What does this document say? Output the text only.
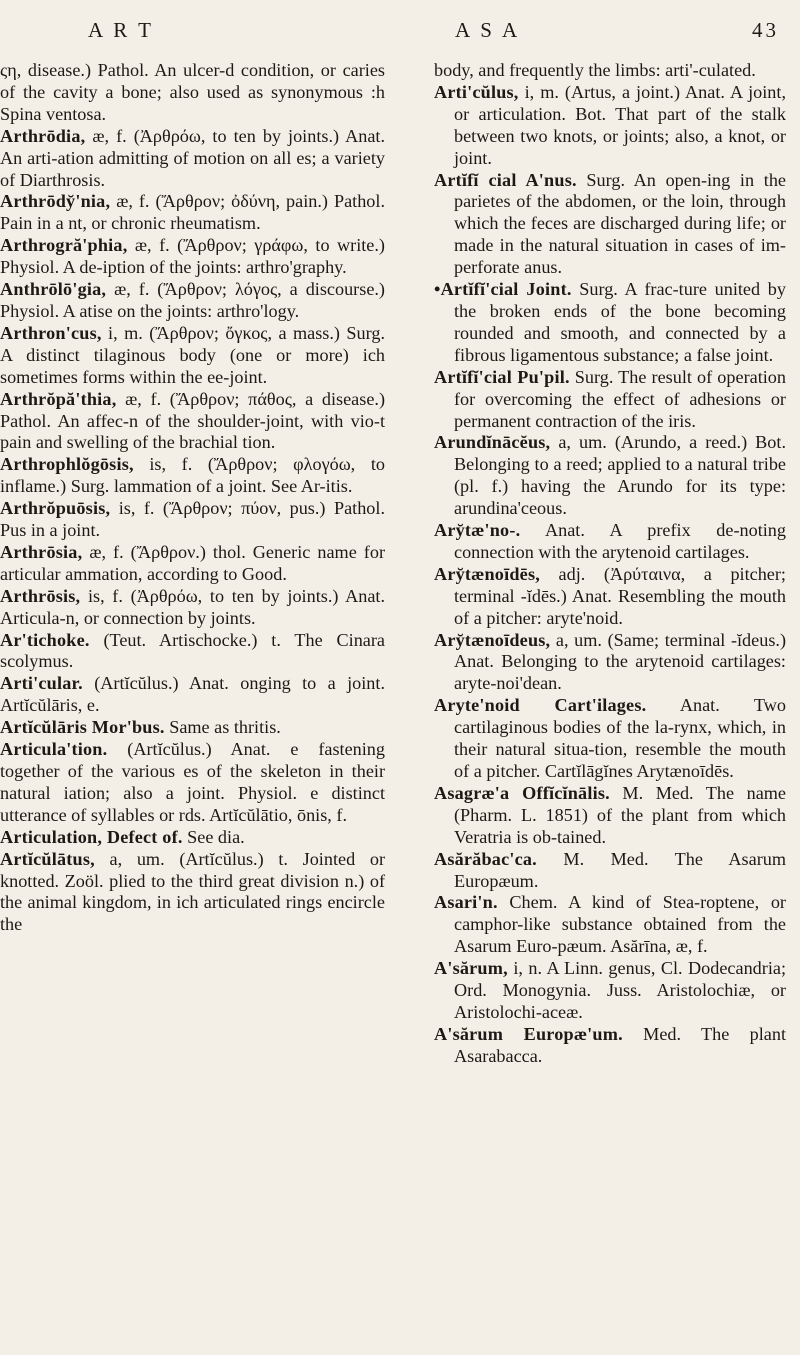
A R T	A S A	43

ςη, disease.) Pathol. An ulcer-d condition, or caries of the cavity a bone; also used as synonymous :h Spina ventosa.

Arthrōdia, æ, f. (Ἀρθρόω, to ten by joints.) Anat. An arti-ation admitting of motion on all es; a variety of Diarthrosis.

Arthrōdy̆'nia, æ, f. (Ἄρθρον; ὀδύνη, pain.) Pathol. Pain in a nt, or chronic rheumatism.

Arthrogră'phia, æ, f. (Ἄρθρον; γράφω, to write.) Physiol. A de-iption of the joints: arthro'graphy.

Anthrōlō'gia, æ, f. (Ἄρθρον; λόγος, a discourse.) Physiol. A atise on the joints: arthro'logy.

Arthron'cus, i, m. (Ἄρθρον; ὄγκος, a mass.) Surg. A distinct tilaginous body (one or more) ich sometimes forms within the ee-joint.

Arthrŏpă'thia, æ, f. (Ἄρθρον; πάθος, a disease.) Pathol. An affec-n of the shoulder-joint, with vio-t pain and swelling of the brachial tion.

Arthrophlŏgōsis, is, f. (Ἄρθρον; φλογόω, to inflame.) Surg. lammation of a joint. See Ar-itis.

Arthrŏpuōsis, is, f. (Ἄρθρον; πύον, pus.) Pathol. Pus in a joint.

Arthrōsia, æ, f. (Ἄρθρον.) thol. Generic name for articular ammation, according to Good.

Arthrōsis, is, f. (Ἀρθρόω, to ten by joints.) Anat. Articula-n, or connection by joints.

Ar'tichoke. (Teut. Artischocke.) t. The Cinara scolymus.

Arti'cular. (Artĭcŭlus.) Anat. onging to a joint. Artĭcŭlāris, e.

Artĭcŭlāris Mor'bus. Same as thritis.

Articula'tion. (Artĭcŭlus.) Anat. e fastening together of the various es of the skeleton in their natural iation; also a joint. Physiol. e distinct utterance of syllables or rds. Artĭcŭlātio, ōnis, f.

Articulation, Defect of. See dia.

Artĭcŭlātus, a, um. (Artĭcŭlus.) t. Jointed or knotted. Zoöl. plied to the third great division n.) of the animal kingdom, in ich articulated rings encircle the

body, and frequently the limbs: arti'-culated.

Arti'cŭlus, i, m. (Artus, a joint.) Anat. A joint, or articulation. Bot. That part of the stalk between two knots, or joints; also, a knot, or joint.

Artĭfĭ cial A'nus. Surg. An open-ing in the parietes of the abdomen, or the loin, through which the feces are discharged during life; or made in the natural situation in cases of im-perforate anus.

•Artĭfĭ'cial Joint. Surg. A frac-ture united by the broken ends of the bone becoming rounded and smooth, and connected by a fibrous ligamentous substance; a false joint.

Artĭfĭ'cial Pu'pil. Surg. The result of operation for overcoming the effect of adhesions or permanent contraction of the iris.

Arundĭnācĕus, a, um. (Arundo, a reed.) Bot. Belonging to a reed; applied to a natural tribe (pl. f.) having the Arundo for its type: arundina'ceous.

Ary̆tæ'no-. Anat. A prefix de-noting connection with the arytenoid cartilages.

Ary̆tænoīdēs, adj. (Ἀρύταινα, a pitcher; terminal -ĭdēs.) Anat. Resembling the mouth of a pitcher: aryte'noid.

Ary̆tænoīdeus, a, um. (Same; terminal -ĭdeus.) Anat. Belonging to the arytenoid cartilages: aryte-noi'dean.

Aryte'noid Cart'ilages. Anat. Two cartilaginous bodies of the la-rynx, which, in their natural situa-tion, resemble the mouth of a pitcher. Cartĭlāgĭnes Arytænoīdēs.

Asagræ'a Offĭcĭnālis. M. Med. The name (Pharm. L. 1851) of the plant from which Veratria is ob-tained.

Asărăbac'ca. M. Med. The Asarum Europæum.

Asari'n. Chem. A kind of Stea-roptene, or camphor-like substance obtained from the Asarum Euro-pæum. Asărīna, æ, f.

A'sărum, i, n. A Linn. genus, Cl. Dodecandria; Ord. Monogynia. Juss. Aristolochiæ, or Aristolochi-aceæ.

A'sărum Europæ'um. Med. The plant Asarabacca.
